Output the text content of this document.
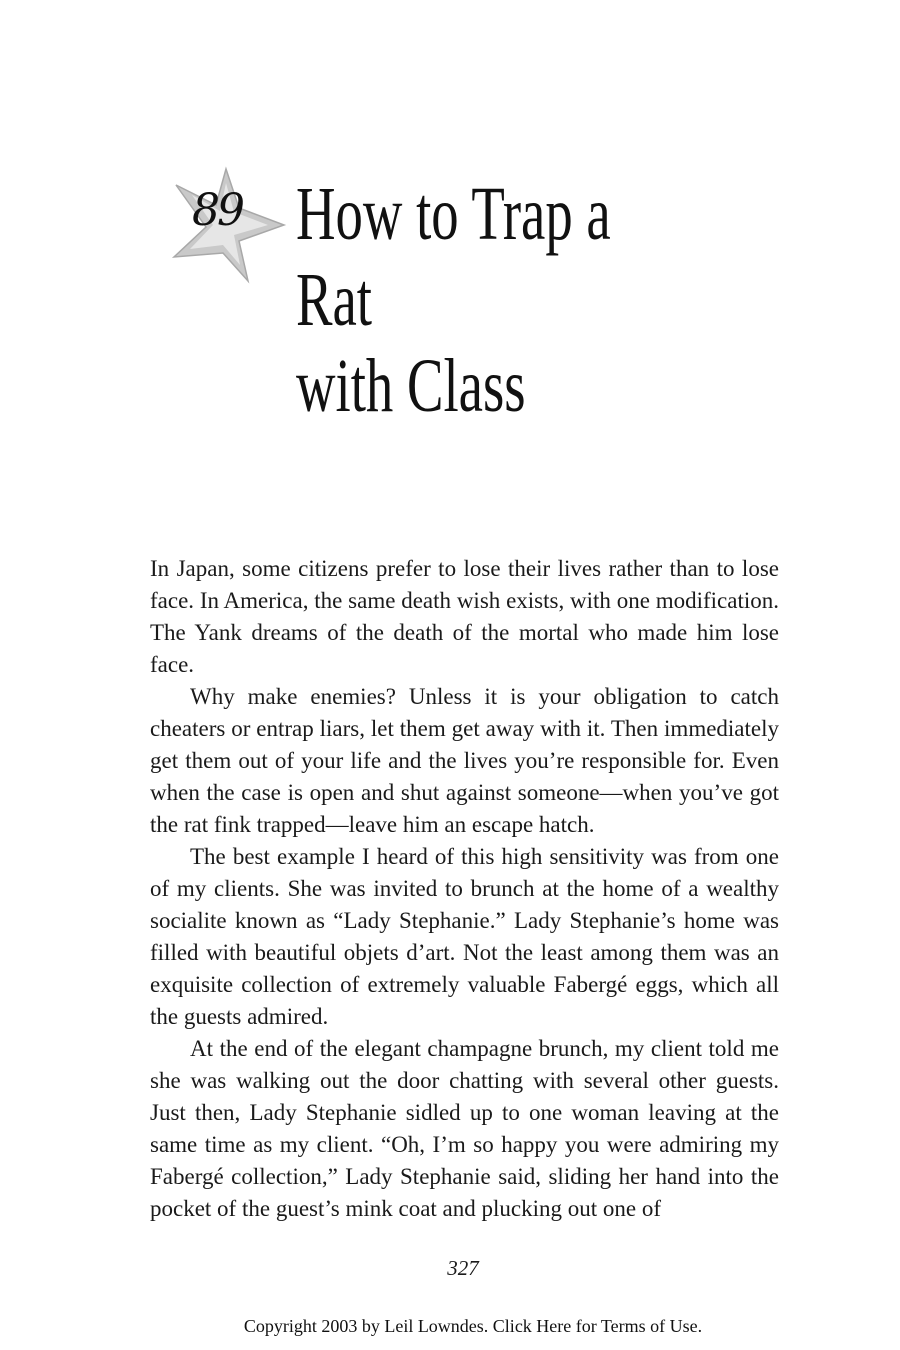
89 How to Trap a Rat
with Class

In Japan, some citizens prefer to lose their lives rather than to lose face. In America, the same death wish exists, with one modification. The Yank dreams of the death of the mortal who made him lose face.

Why make enemies? Unless it is your obligation to catch cheaters or entrap liars, let them get away with it. Then immediately get them out of your life and the lives you’re responsible for. Even when the case is open and shut against someone—when you’ve got the rat fink trapped—leave him an escape hatch.

The best example I heard of this high sensitivity was from one of my clients. She was invited to brunch at the home of a wealthy socialite known as “Lady Stephanie.” Lady Stephanie’s home was filled with beautiful objets d’art. Not the least among them was an exquisite collection of extremely valuable Fabergé eggs, which all the guests admired.

At the end of the elegant champagne brunch, my client told me she was walking out the door chatting with several other guests. Just then, Lady Stephanie sidled up to one woman leaving at the same time as my client. “Oh, I’m so happy you were admiring my Fabergé collection,” Lady Stephanie said, sliding her hand into the pocket of the guest’s mink coat and plucking out one of

327
Copyright 2003 by Leil Lowndes. Click Here for Terms of Use.
